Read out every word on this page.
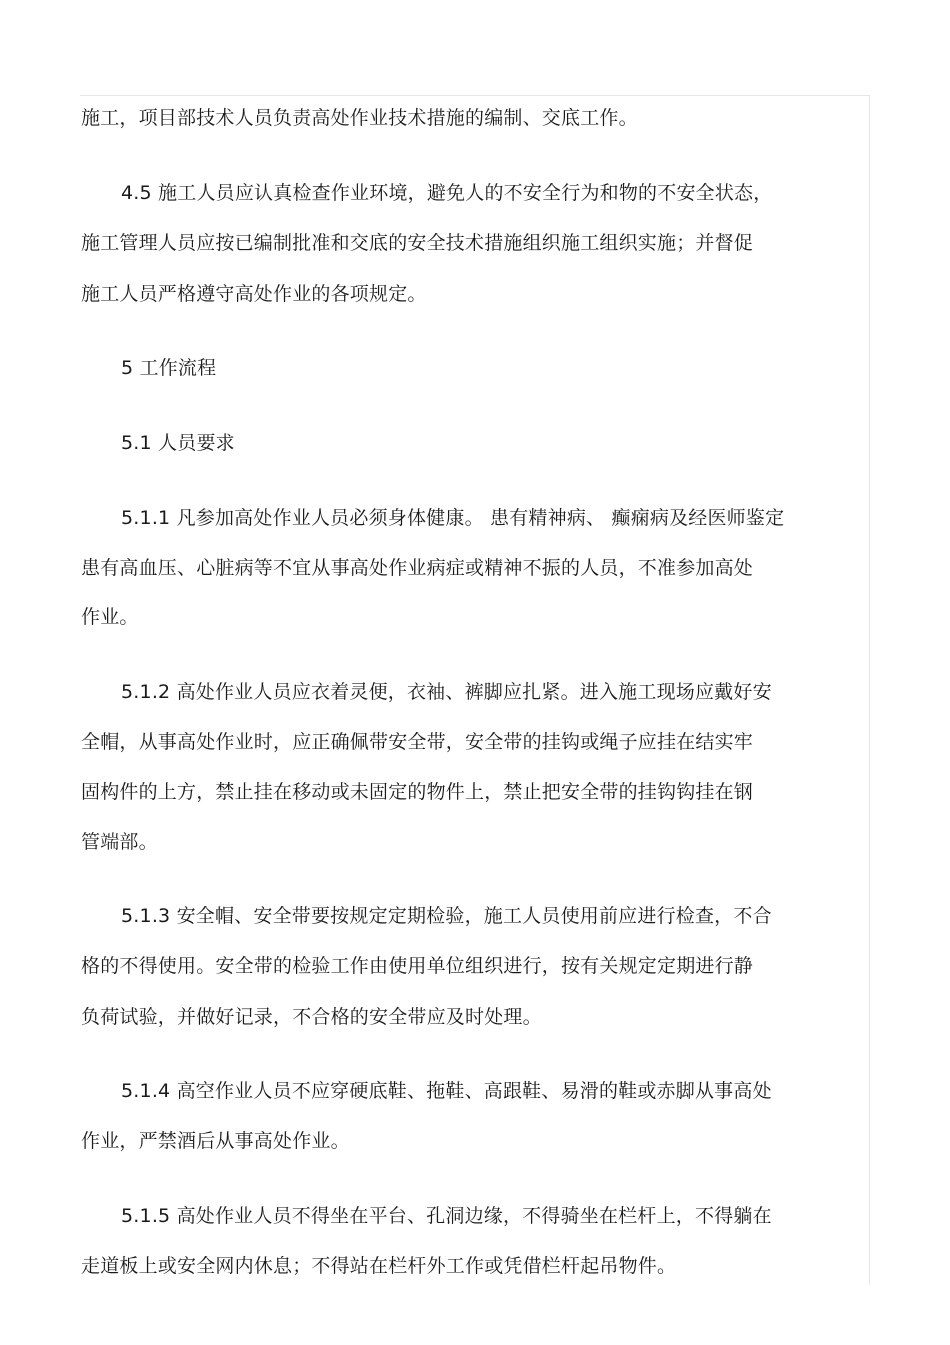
施工，项目部技术人员负责高处作业技术措施的编制、交底工作。
4.5 施工人员应认真检查作业环境，避免人的不安全行为和物的不安全状态，
施工管理人员应按已编制批准和交底的安全技术措施组织施工组织实施；并督促
施工人员严格遵守高处作业的各项规定。
5 工作流程
5.1 人员要求
5.1.1 凡参加高处作业人员必须身体健康。 患有精神病、 癫痫病及经医师鉴定
患有高血压、心脏病等不宜从事高处作业病症或精神不振的人员，不准参加高处
作业。
5.1.2 高处作业人员应衣着灵便，衣袖、裤脚应扎紧。进入施工现场应戴好安
全帽，从事高处作业时，应正确佩带安全带，安全带的挂钩或绳子应挂在结实牢
固构件的上方，禁止挂在移动或未固定的物件上，禁止把安全带的挂钩钩挂在钢
管端部。
5.1.3 安全帽、安全带要按规定定期检验，施工人员使用前应进行检查，不合
格的不得使用。安全带的检验工作由使用单位组织进行，按有关规定定期进行静
负荷试验，并做好记录，不合格的安全带应及时处理。
5.1.4 高空作业人员不应穿硬底鞋、拖鞋、高跟鞋、易滑的鞋或赤脚从事高处
作业，严禁酒后从事高处作业。
5.1.5 高处作业人员不得坐在平台、孔洞边缘，不得骑坐在栏杆上，不得躺在
走道板上或安全网内休息；不得站在栏杆外工作或凭借栏杆起吊物件。
